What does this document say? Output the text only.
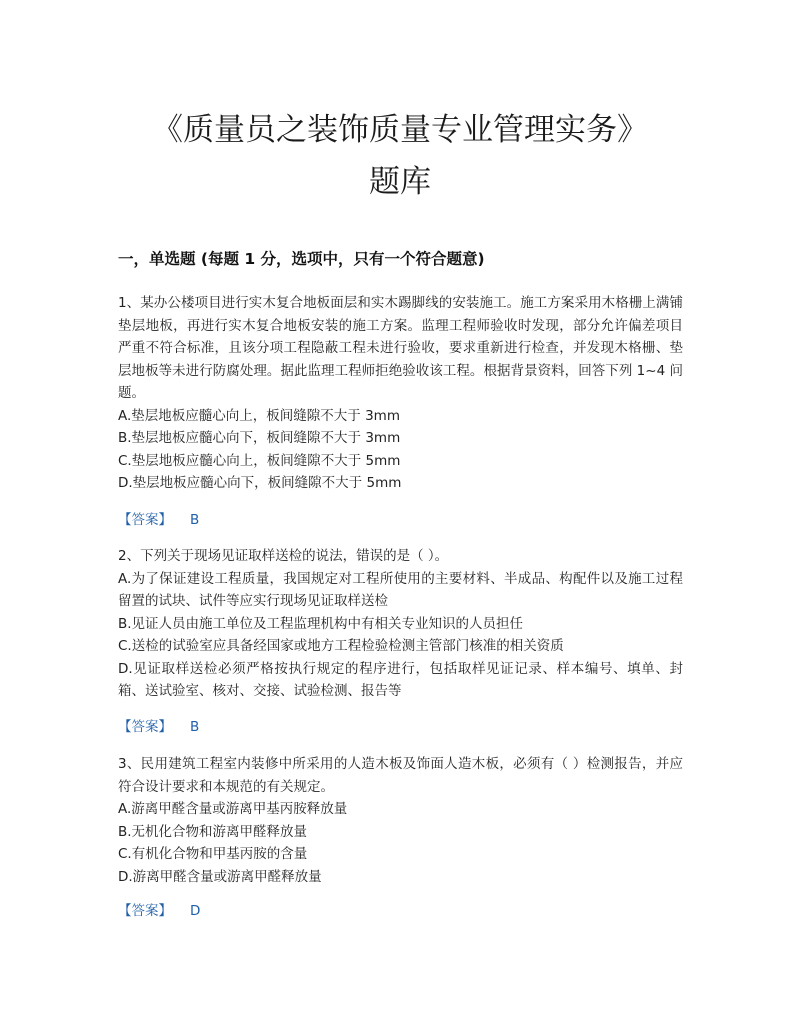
《质量员之装饰质量专业管理实务》
题库
一，单选题 (每题 1 分，选项中，只有一个符合题意)

1、某办公楼项目进行实木复合地板面层和实木踢脚线的安装施工。施工方案采用木格栅上满铺垫层地板，再进行实木复合地板安装的施工方案。监理工程师验收时发现，部分允许偏差项目严重不符合标准，且该分项工程隐蔽工程未进行验收，要求重新进行检查，并发现木格栅、垫层地板等未进行防腐处理。据此监理工程师拒绝验收该工程。根据背景资料，回答下列 1~4 问题。

A.垫层地板应髓心向上，板间缝隙不大于 3mm

B.垫层地板应髓心向下，板间缝隙不大于 3mm

C.垫层地板应髓心向上，板间缝隙不大于 5mm

D.垫层地板应髓心向下，板间缝隙不大于 5mm

【答案】 B

2、下列关于现场见证取样送检的说法，错误的是（ ）。

A.为了保证建设工程质量，我国规定对工程所使用的主要材料、半成品、构配件以及施工过程留置的试块、试件等应实行现场见证取样送检

B.见证人员由施工单位及工程监理机构中有相关专业知识的人员担任

C.送检的试验室应具备经国家或地方工程检验检测主管部门核准的相关资质

D.见证取样送检必须严格按执行规定的程序进行，包括取样见证记录、样本编号、填单、封箱、送试验室、核对、交接、试验检测、报告等

【答案】 B

3、民用建筑工程室内装修中所采用的人造木板及饰面人造木板，必须有（ ）检测报告，并应符合设计要求和本规范的有关规定。

A.游离甲醛含量或游离甲基丙胺释放量

B.无机化合物和游离甲醛释放量

C.有机化合物和甲基丙胺的含量

D.游离甲醛含量或游离甲醛释放量

【答案】 D
